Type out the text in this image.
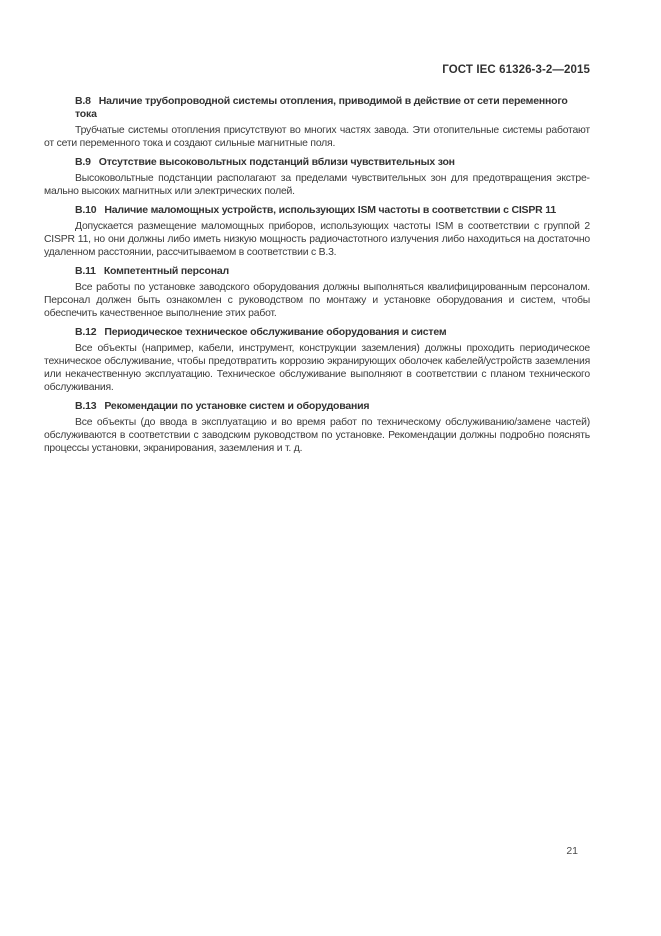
ГОСТ IEC 61326-3-2—2015
В.8 Наличие трубопроводной системы отопления, приводимой в действие от сети переменного тока

Трубчатые системы отопления присутствуют во многих частях завода. Эти отопительные системы работают от сети переменного тока и создают сильные магнитные поля.

В.9 Отсутствие высоковольтных подстанций вблизи чувствительных зон

Высоковольтные подстанции располагают за пределами чувствительных зон для предотвращения экстремально высоких магнитных или электрических полей.

В.10 Наличие маломощных устройств, использующих ISM частоты в соответствии с CISPR 11

Допускается размещение маломощных приборов, использующих частоты ISM в соответствии с группой 2 CISPR 11, но они должны либо иметь низкую мощность радиочастотного излучения либо находиться на достаточно удаленном расстоянии, рассчитываемом в соответствии с В.3.

В.11 Компетентный персонал

Все работы по установке заводского оборудования должны выполняться квалифицированным персоналом. Персонал должен быть ознакомлен с руководством по монтажу и установке оборудования и систем, чтобы обеспечить качественное выполнение этих работ.

В.12 Периодическое техническое обслуживание оборудования и систем

Все объекты (например, кабели, инструмент, конструкции заземления) должны проходить периодическое техническое обслуживание, чтобы предотвратить коррозию экранирующих оболочек кабелей/устройств заземления или некачественную эксплуатацию. Техническое обслуживание выполняют в соответствии с планом технического обслуживания.

В.13 Рекомендации по установке систем и оборудования

Все объекты (до ввода в эксплуатацию и во время работ по техническому обслуживанию/замене частей) обслуживаются в соответствии с заводским руководством по установке. Рекомендации должны подробно пояснять процессы установки, экранирования, заземления и т. д.

21
